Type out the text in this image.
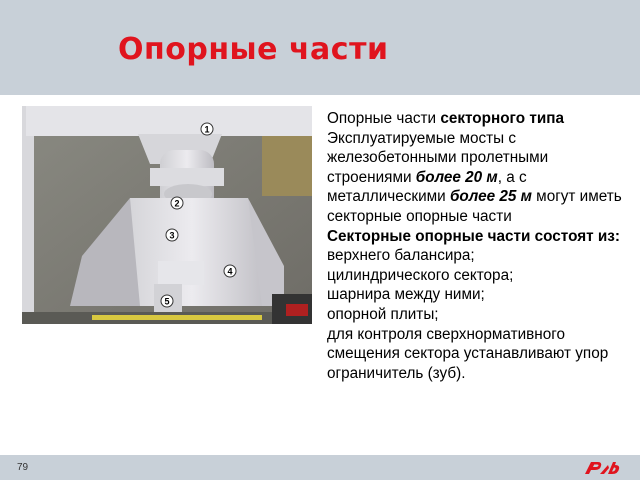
Опорные части
1
2
3
4
5

Опорные части секторного типа

Эксплуатируемые мосты с железобетонными пролетными строениями более 20 м, а с металлическими более 25 м могут иметь секторные опорные части

Секторные опорные части состоят из:

верхнего балансира;

цилиндрического сектора;

шарнира между ними;

опорной плиты;

для контроля сверхнормативного смещения сектора устанавливают упор ограничитель (зуб).

79
